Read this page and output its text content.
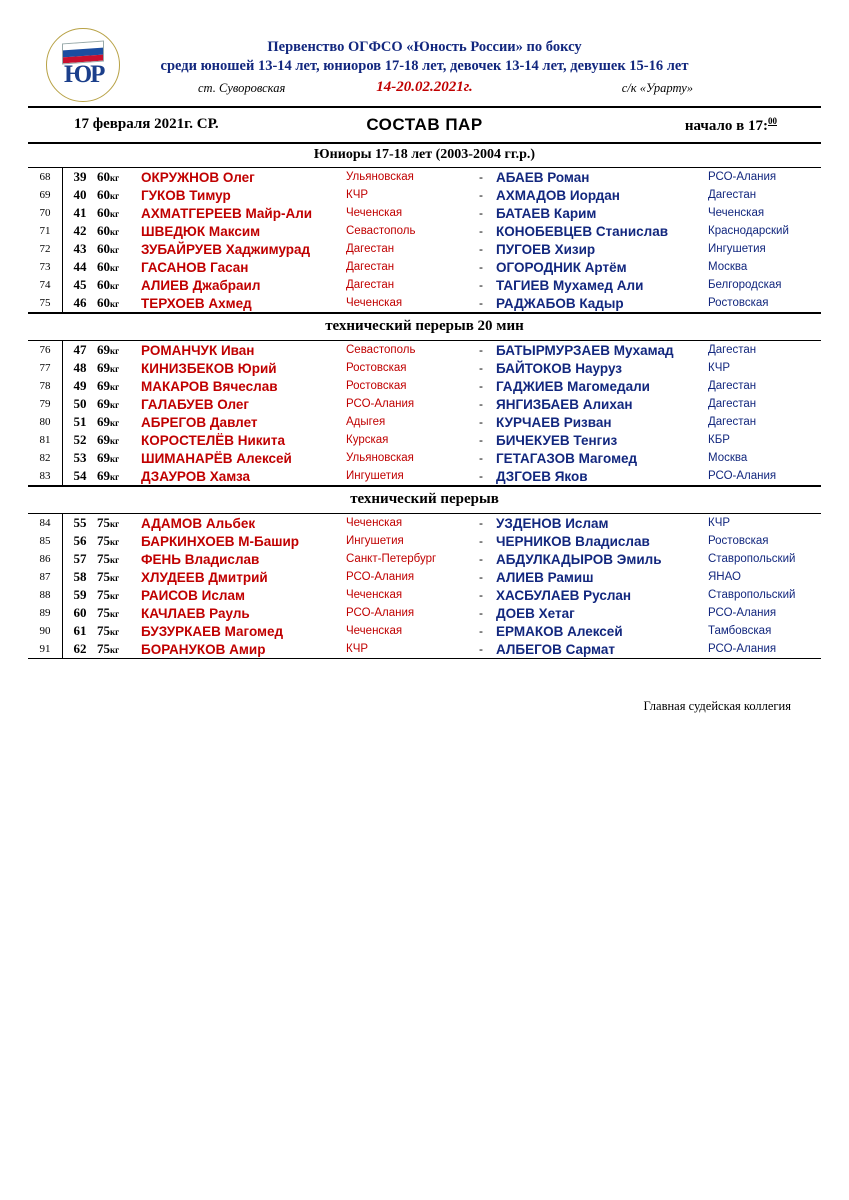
ЮР
Первенство ОГФСО «Юность России» по боксу
среди юношей 13-14 лет, юниоров 17-18 лет, девочек 13-14 лет, девушек 15-16 лет
ст. Суворовская	14-20.02.2021г.	с/к «Урарту»
17 февраля 2021г. СР.	СОСТАВ ПАР	начало в 17:$^{00}$
Юниоры 17-18 лет (2003-2004 гг.р.)
68	39	60кг	ОКРУЖНОВ Олег	Ульяновская	-	АБАЕВ Роман	РСО-Алания
69	40	60кг	ГУКОВ Тимур	КЧР	-	АХМАДОВ Иордан	Дагестан
70	41	60кг	АХМАТГЕРЕЕВ Майр-Али	Чеченская	-	БАТАЕВ Карим	Чеченская
71	42	60кг	ШВЕДЮК Максим	Севастополь	-	КОНОБЕВЦЕВ Станислав	Краснодарский
72	43	60кг	ЗУБАЙРУЕВ Хаджимурад	Дагестан	-	ПУГОЕВ Хизир	Ингушетия
73	44	60кг	ГАСАНОВ Гасан	Дагестан	-	ОГОРОДНИК Артём	Москва
74	45	60кг	АЛИЕВ Джабраил	Дагестан	-	ТАГИЕВ Мухамед Али	Белгородская
75	46	60кг	ТЕРХОЕВ Ахмед	Чеченская	-	РАДЖАБОВ Кадыр	Ростовская
технический перерыв 20 мин
76	47	69кг	РОМАНЧУК Иван	Севастополь	-	БАТЫРМУРЗАЕВ Мухамад	Дагестан
77	48	69кг	КИНИЗБЕКОВ Юрий	Ростовская	-	БАЙТОКОВ Науруз	КЧР
78	49	69кг	МАКАРОВ Вячеслав	Ростовская	-	ГАДЖИЕВ Магомедали	Дагестан
79	50	69кг	ГАЛАБУЕВ Олег	РСО-Алания	-	ЯНГИЗБАЕВ Алихан	Дагестан
80	51	69кг	АБРЕГОВ Давлет	Адыгея	-	КУРЧАЕВ Ризван	Дагестан
81	52	69кг	КОРОСТЕЛЁВ Никита	Курская	-	БИЧЕКУЕВ Тенгиз	КБР
82	53	69кг	ШИМАНАРЁВ Алексей	Ульяновская	-	ГЕТАГАЗОВ Магомед	Москва
83	54	69кг	ДЗАУРОВ Хамза	Ингушетия	-	ДЗГОЕВ Яков	РСО-Алания
технический перерыв
84	55	75кг	АДАМОВ Альбек	Чеченская	-	УЗДЕНОВ Ислам	КЧР
85	56	75кг	БАРКИНХОЕВ М-Башир	Ингушетия	-	ЧЕРНИКОВ Владислав	Ростовская
86	57	75кг	ФЕНЬ Владислав	Санкт-Петербург	-	АБДУЛКАДЫРОВ Эмиль	Ставропольский
87	58	75кг	ХЛУДЕЕВ Дмитрий	РСО-Алания	-	АЛИЕВ Рамиш	ЯНАО
88	59	75кг	РАИСОВ Ислам	Чеченская	-	ХАСБУЛАЕВ Руслан	Ставропольский
89	60	75кг	КАЧЛАЕВ Рауль	РСО-Алания	-	ДОЕВ Хетаг	РСО-Алания
90	61	75кг	БУЗУРКАЕВ Магомед	Чеченская	-	ЕРМАКОВ Алексей	Тамбовская
91	62	75кг	БОРАНУКОВ Амир	КЧР	-	АЛБЕГОВ Сармат	РСО-Алания
Главная судейская коллегия
